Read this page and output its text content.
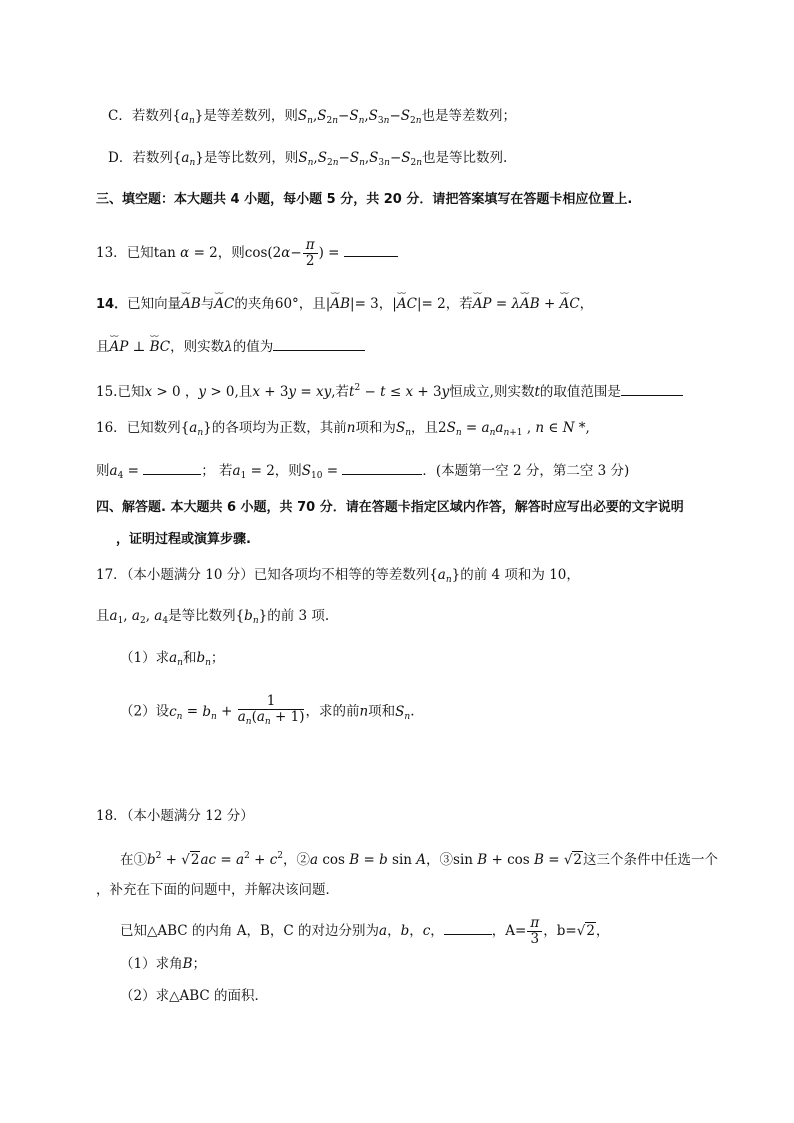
C．若数列$\{a_n\}$是等差数列，则$S_n,S_{2n}-S_n,S_{3n}-S_{2n}$也是等差数列；
D．若数列$\{a_n\}$是等比数列，则$S_n,S_{2n}-S_n,S_{3n}-S_{2n}$也是等比数列.
三、填空题：本大题共 4 小题，每小题 5 分，共 20 分．请把答案填写在答题卡相应位置上.
13．已知tan α = 2，则$\cos(2\alpha- \frac{\pi}{2}$ ) =
14．已知向量⌣⌣ AB与⌣⌣ AC的夹角60°，且|⌣⌣ AB|= 3，|⌣⌣ AC|= 2，若⌣⌣ AP = λ⌣⌣ AB + ⌣⌣ AC，
且⌣⌣ AP ⊥ ⌣⌣ BC，则实数λ的值为
15.已知x > 0 ，y > 0,且x + 3y = xy,若$t^2 - t \le x + 3y$恒成立,则实数t的取值范围是
16．已知数列$\{a_n\}$的各项均为正数，其前n项和为$S_n$，且$2S_n = a_na_{n+1}$ , n ∈ N *,
则$a_4$ =	； 若$a_1 = 2$，则$S_{10}$ =	．(本题第一空 2 分，第二空 3 分)
四、解答题. 本大题共 6 小题，共 70 分．请在答题卡指定区域内作答，解答时应写出必要的文字说明
，证明过程或演算步骤.
17．（本小题满分 10 分）已知各项均不相等的等差数列$\{a_n\}$的前 4 项和为 10，
且$a_1$, $a_2$, $a_4$是等比数列$\{b_n\}$的前 3 项.
（1）求$a_n$和$b_n$；
（2）设$c_n = b_n + \frac{1}{a_n(a_n + 1)}$ ，求的前n项和$S_n$.
18．（本小题满分 12 分）
在$①b^2 + √2ac = a^2 + c^2$，②a cos B = b sin A，③sin B + cos B = √2这三个条件中任选一个
，补充在下面的问题中，并解决该问题．
已知△ABC 的内角 A，B，C 的对边分别为a，b，c，	，$A= \frac{\pi}{3}$ ，b=√2，
（1）求角B；
（2）求△ABC 的面积．
